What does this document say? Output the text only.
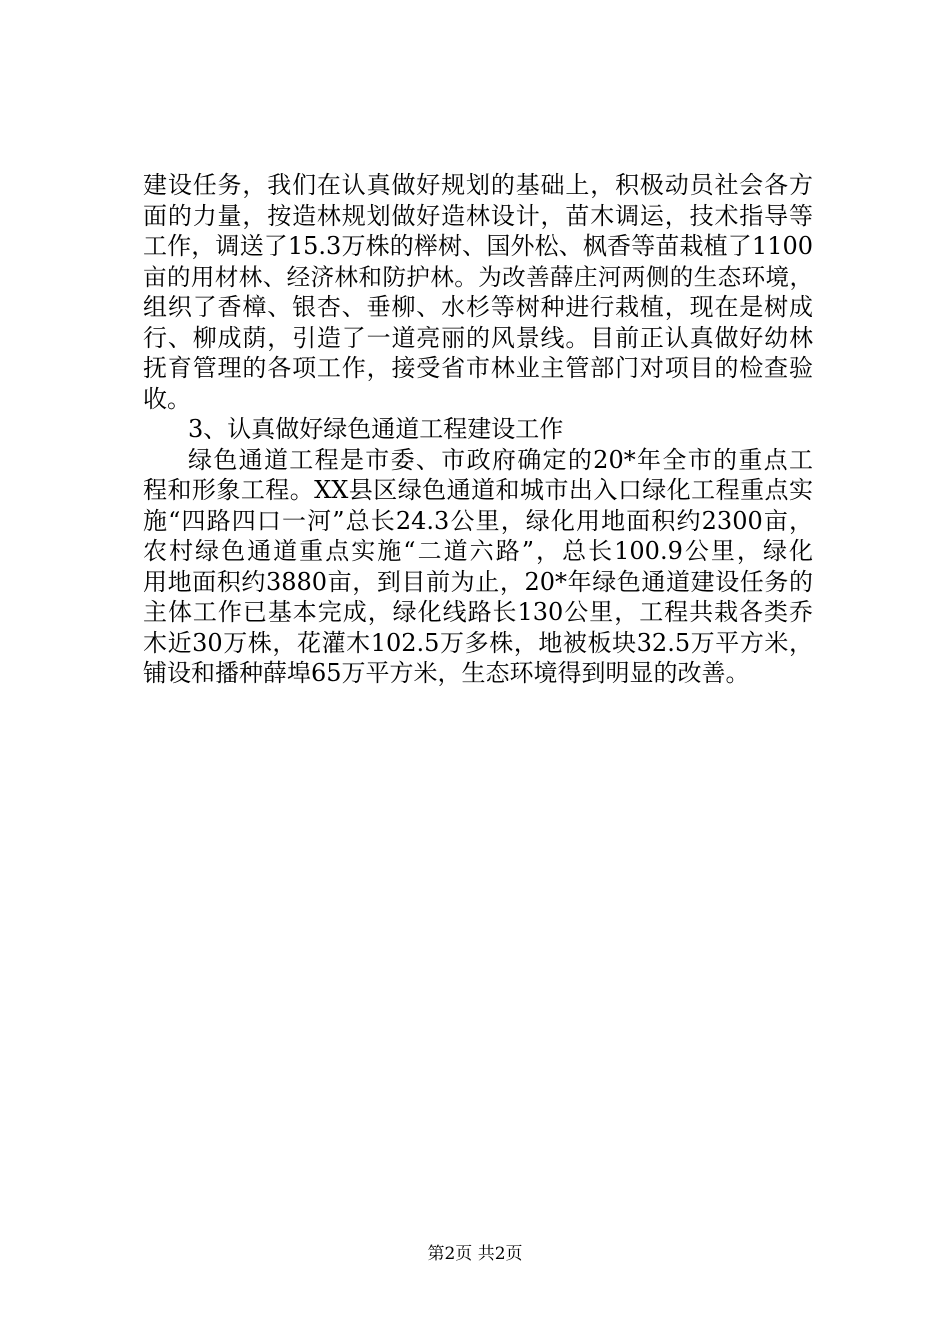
建设任务，我们在认真做好规划的基础上，积极动员社会各方
面的力量，按造林规划做好造林设计，苗木调运，技术指导等
工作，调送了15.3万株的榉树、国外松、枫香等苗栽植了1100
亩的用材林、经济林和防护林。为改善薛庄河两侧的生态环境，
组织了香樟、银杏、垂柳、水杉等树种进行栽植，现在是树成
行、柳成荫，引造了一道亮丽的风景线。目前正认真做好幼林
抚育管理的各项工作，接受省市林业主管部门对项目的检查验
收。
3、认真做好绿色通道工程建设工作
绿色通道工程是市委、市政府确定的20*年全市的重点工
程和形象工程。XX县区绿色通道和城市出入口绿化工程重点实
施“四路四口一河”总长24.3公里，绿化用地面积约2300亩，
农村绿色通道重点实施“二道六路”，总长100.9公里，绿化
用地面积约3880亩，到目前为止，20*年绿色通道建设任务的
主体工作已基本完成，绿化线路长130公里，工程共栽各类乔
木近30万株，花灌木102.5万多株，地被板块32.5万平方米，
铺设和播种薛埠65万平方米，生态环境得到明显的改善。
第2页 共2页
